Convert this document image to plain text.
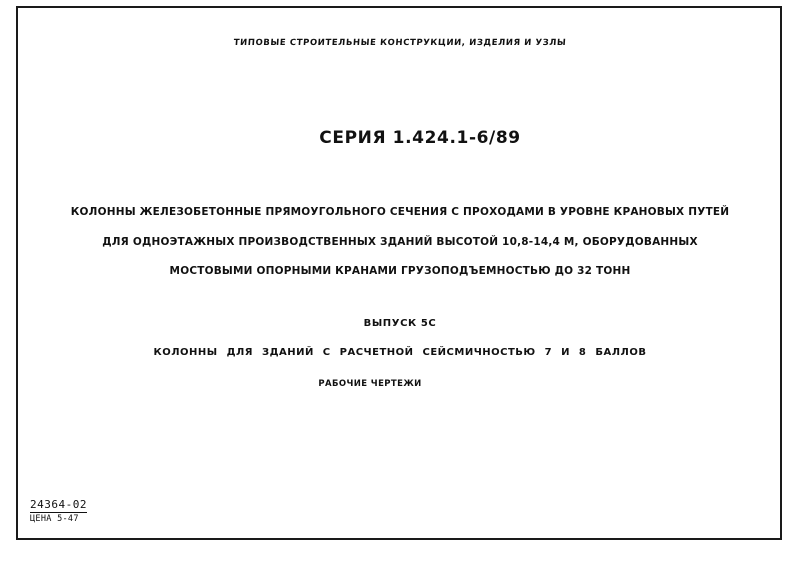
ТИПОВЫЕ СТРОИТЕЛЬНЫЕ КОНСТРУКЦИИ, ИЗДЕЛИЯ И УЗЛЫ
СЕРИЯ 1.424.1-6/89
КОЛОННЫ ЖЕЛЕЗОБЕТОННЫЕ ПРЯМОУГОЛЬНОГО СЕЧЕНИЯ С ПРОХОДАМИ В УРОВНЕ КРАНОВЫХ ПУТЕЙ
ДЛЯ ОДНОЭТАЖНЫХ ПРОИЗВОДСТВЕННЫХ ЗДАНИЙ ВЫСОТОЙ 10,8-14,4 М, ОБОРУДОВАННЫХ
МОСТОВЫМИ ОПОРНЫМИ КРАНАМИ ГРУЗОПОДЪЕМНОСТЬЮ ДО 32 ТОНН
ВЫПУСК 5С
КОЛОННЫ ДЛЯ ЗДАНИЙ С РАСЧЕТНОЙ СЕЙСМИЧНОСТЬЮ 7 И 8 БАЛЛОВ
РАБОЧИЕ ЧЕРТЕЖИ
24364-02
ЦЕНА 5-47
